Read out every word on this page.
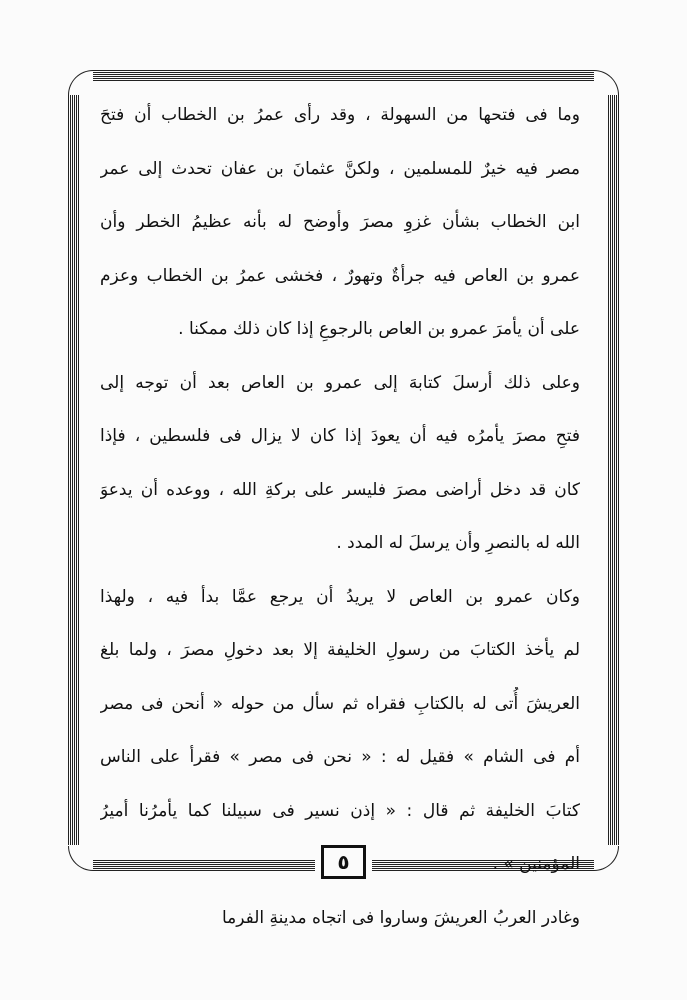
وما فى فتحها من السهولة ، وقد رأى عمرُ بن الخطاب أن فتحَ
مصر فيه خيرٌ للمسلمين ، ولكنَّ عثمانَ بن عفان تحدث إلى عمر
ابن الخطاب بشأن غزوِ مصرَ وأوضح له بأنه عظيمُ الخطر وأن
عمرو بن العاص فيه جرأةٌ وتهورٌ ، فخشى عمرُ بن الخطاب وعزم
على أن يأمرَ عمرو بن العاص بالرجوعِ إذا كان ذلك ممكنا .
وعلى ذلك أرسلَ كتابهَ إلى عمرو بن العاص بعد أن توجه إلى
فتحِ مصرَ يأمرُه فيه أن يعودَ إذا كان لا يزال فى فلسطين ، فإذا
كان قد دخل أراضى مصرَ فليسر على بركةِ الله ، ووعده أن يدعوَ
الله له بالنصرِ وأن يرسلَ له المدد .
وكان عمرو بن العاص لا يريدُ أن يرجع عمَّا بدأ فيه ، ولهذا
لم يأخذ الكتابَ من رسولِ الخليفة إلا بعد دخولِ مصرَ ، ولما بلغ
العريشَ أُتى له بالكتابِ فقراه ثم سأل من حوله « أنحن فى مصر
أم فى الشام » فقيل له : « نحن فى مصر » فقرأ على الناس
كتابَ الخليفة ثم قال : « إذن نسير فى سبيلنا كما يأمرُنا أميرُ
المؤمنين » .
وغادر العربُ العريشَ وساروا فى اتجاه مدينةِ الفرما
٥
